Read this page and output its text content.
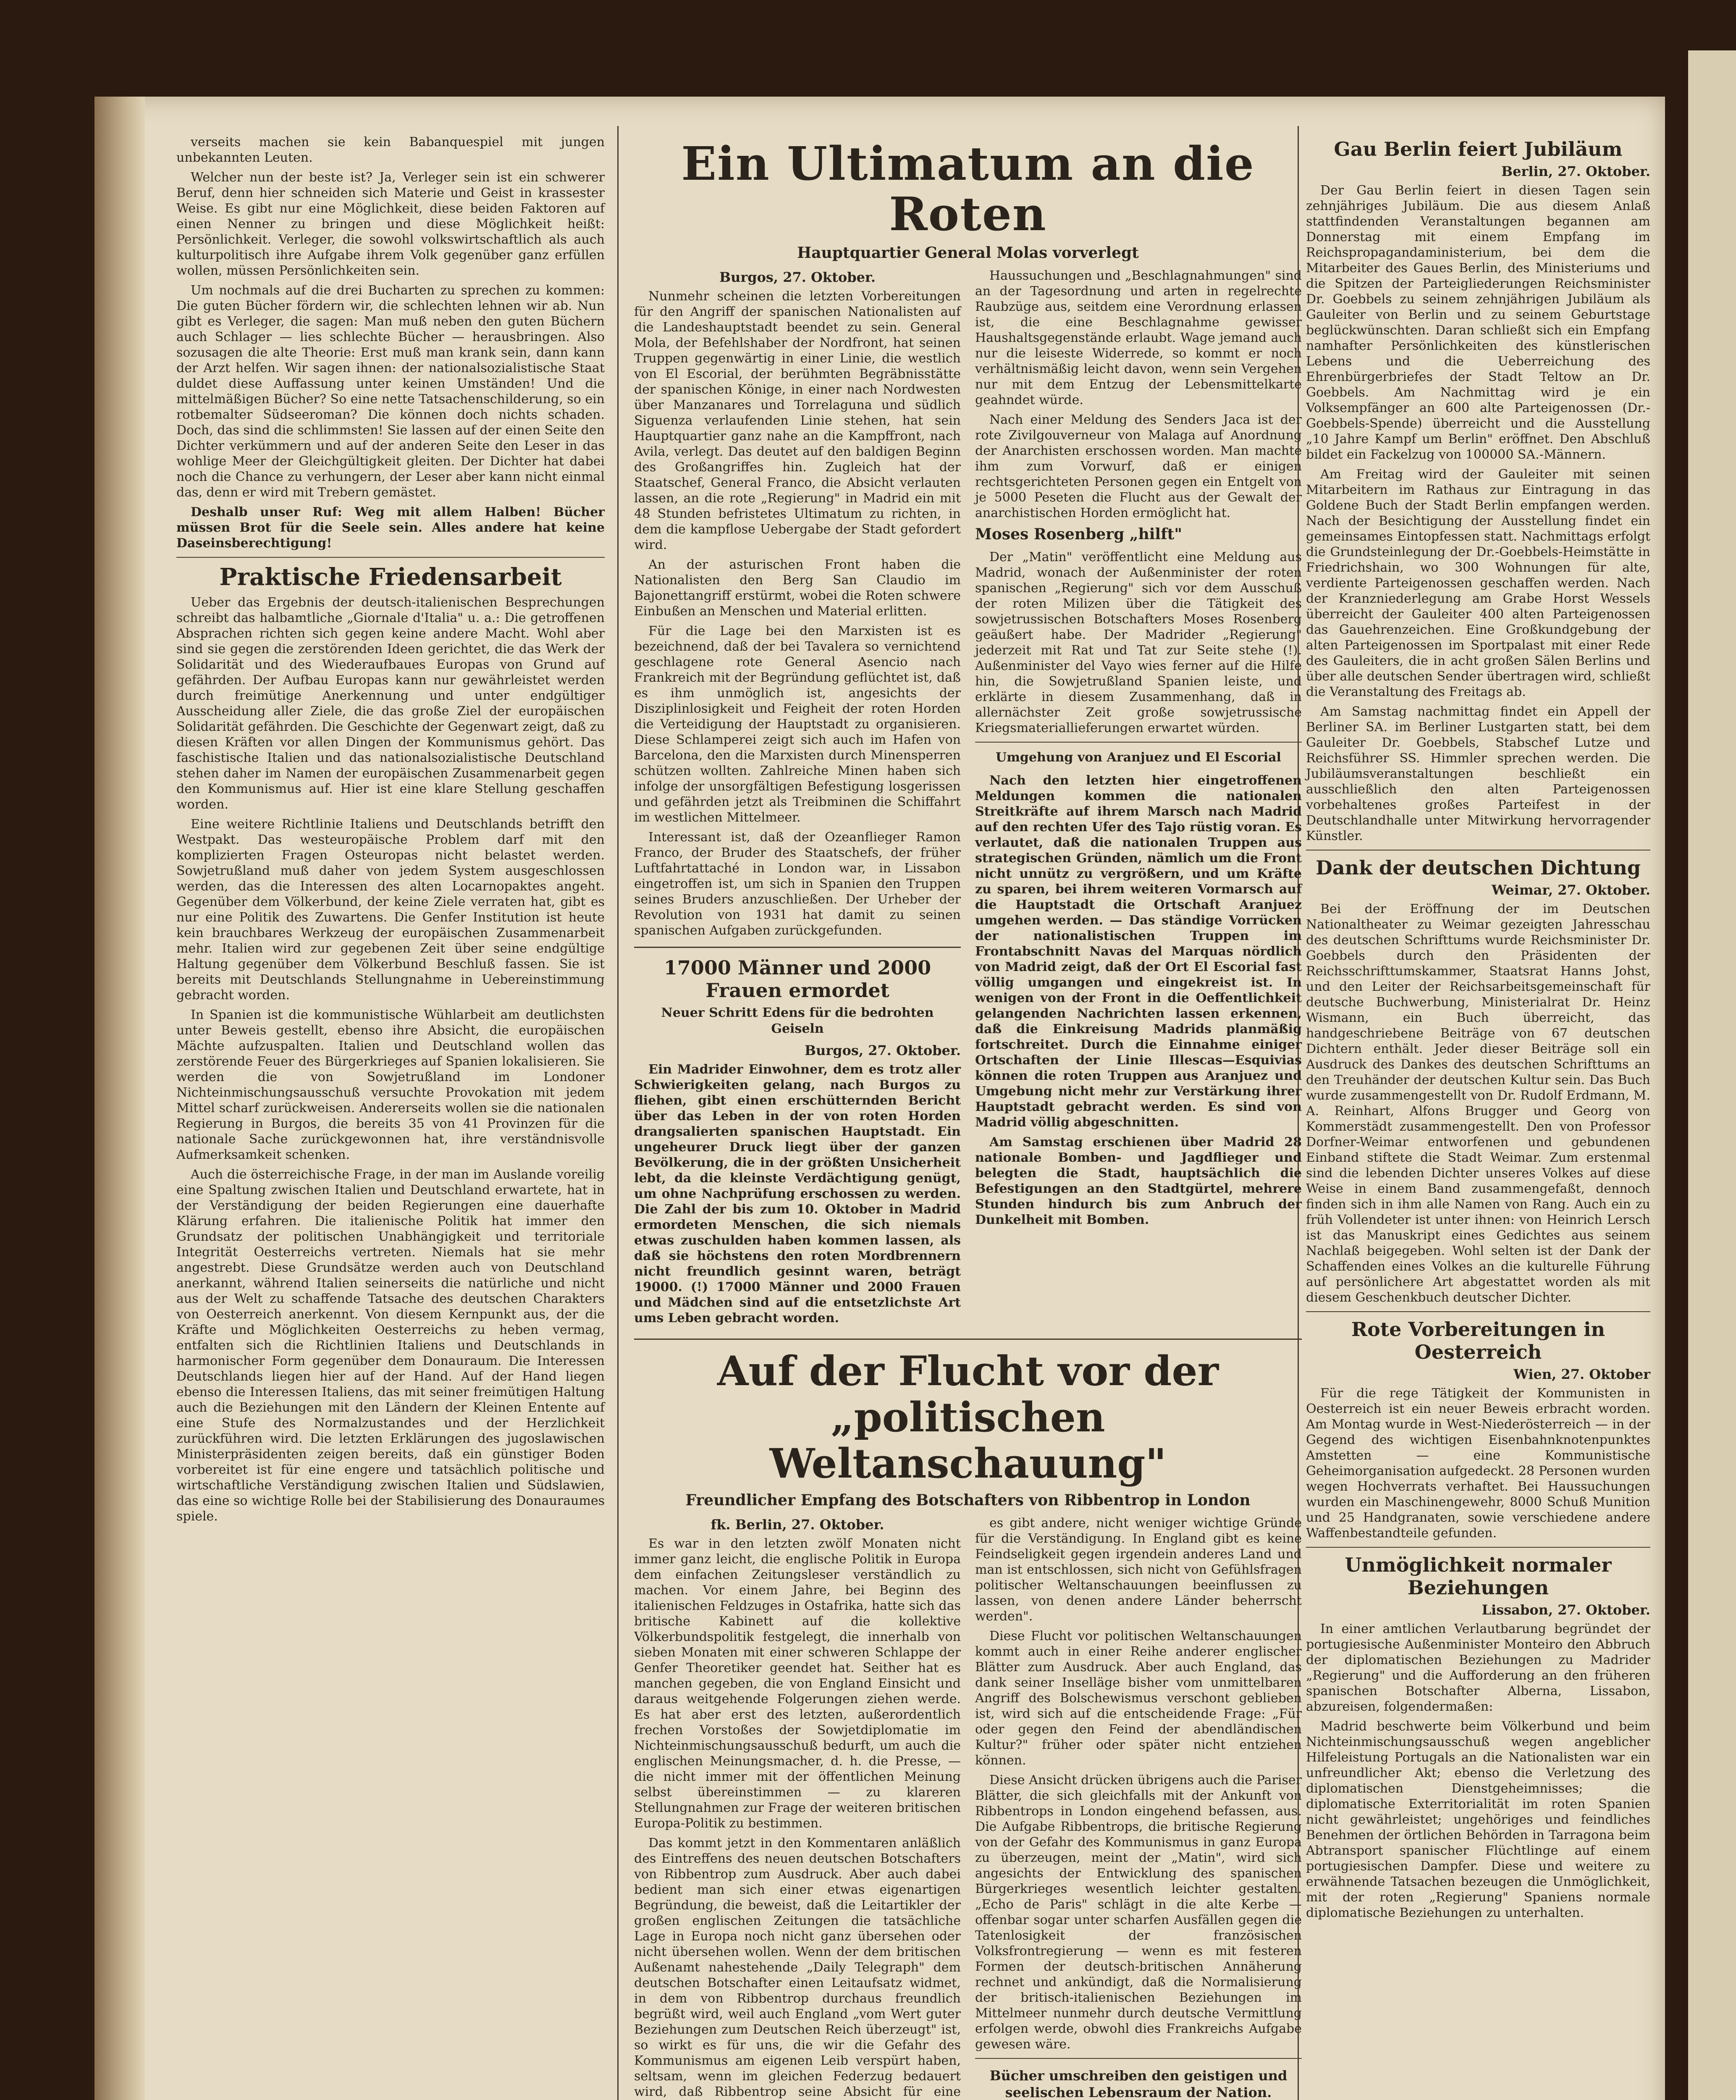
verseits machen sie kein Babanquespiel mit jungen unbekannten Leuten.

Welcher nun der beste ist? Ja, Verleger sein ist ein schwerer Beruf, denn hier schneiden sich Materie und Geist in krassester Weise. Es gibt nur eine Möglichkeit, diese beiden Faktoren auf einen Nenner zu bringen und diese Möglichkeit heißt: Persönlichkeit. Verleger, die sowohl volkswirtschaftlich als auch kulturpolitisch ihre Aufgabe ihrem Volk gegenüber ganz erfüllen wollen, müssen Persönlichkeiten sein.

Um nochmals auf die drei Bucharten zu sprechen zu kommen: Die guten Bücher fördern wir, die schlechten lehnen wir ab. Nun gibt es Verleger, die sagen: Man muß neben den guten Büchern auch Schlager — lies schlechte Bücher — herausbringen. Also sozusagen die alte Theorie: Erst muß man krank sein, dann kann der Arzt helfen. Wir sagen ihnen: der nationalsozialistische Staat duldet diese Auffassung unter keinen Umständen! Und die mittelmäßigen Bücher? So eine nette Tatsachenschilderung, so ein rotbemalter Südseeroman? Die können doch nichts schaden. Doch, das sind die schlimmsten! Sie lassen auf der einen Seite den Dichter verkümmern und auf der anderen Seite den Leser in das wohlige Meer der Gleichgültigkeit gleiten. Der Dichter hat dabei noch die Chance zu verhungern, der Leser aber kann nicht einmal das, denn er wird mit Trebern gemästet.

Deshalb unser Ruf: Weg mit allem Halben! Bücher müssen Brot für die Seele sein. Alles andere hat keine Daseinsberechtigung!

Praktische Friedensarbeit

Ueber das Ergebnis der deutsch-italienischen Besprechungen schreibt das halbamtliche „Giornale d'Italia" u. a.: Die getroffenen Absprachen richten sich gegen keine andere Macht. Wohl aber sind sie gegen die zerstörenden Ideen gerichtet, die das Werk der Solidarität und des Wiederaufbaues Europas von Grund auf gefährden. Der Aufbau Europas kann nur gewährleistet werden durch freimütige Anerkennung und unter endgültiger Ausscheidung aller Ziele, die das große Ziel der europäischen Solidarität gefährden. Die Geschichte der Gegenwart zeigt, daß zu diesen Kräften vor allen Dingen der Kommunismus gehört. Das faschistische Italien und das nationalsozialistische Deutschland stehen daher im Namen der europäischen Zusammenarbeit gegen den Kommunismus auf. Hier ist eine klare Stellung geschaffen worden.

Eine weitere Richtlinie Italiens und Deutschlands betrifft den Westpakt. Das westeuropäische Problem darf mit den komplizierten Fragen Osteuropas nicht belastet werden. Sowjetrußland muß daher von jedem System ausgeschlossen werden, das die Interessen des alten Locarnopaktes angeht. Gegenüber dem Völkerbund, der keine Ziele verraten hat, gibt es nur eine Politik des Zuwartens. Die Genfer Institution ist heute kein brauchbares Werkzeug der europäischen Zusammenarbeit mehr. Italien wird zur gegebenen Zeit über seine endgültige Haltung gegenüber dem Völkerbund Beschluß fassen. Sie ist bereits mit Deutschlands Stellungnahme in Uebereinstimmung gebracht worden.

In Spanien ist die kommunistische Wühlarbeit am deutlichsten unter Beweis gestellt, ebenso ihre Absicht, die europäischen Mächte aufzuspalten. Italien und Deutschland wollen das zerstörende Feuer des Bürgerkrieges auf Spanien lokalisieren. Sie werden die von Sowjetrußland im Londoner Nichteinmischungsausschuß versuchte Provokation mit jedem Mittel scharf zurückweisen. Andererseits wollen sie die nationalen Regierung in Burgos, die bereits 35 von 41 Provinzen für die nationale Sache zurückgewonnen hat, ihre verständnisvolle Aufmerksamkeit schenken.

Auch die österreichische Frage, in der man im Auslande voreilig eine Spaltung zwischen Italien und Deutschland erwartete, hat in der Verständigung der beiden Regierungen eine dauerhafte Klärung erfahren. Die italienische Politik hat immer den Grundsatz der politischen Unabhängigkeit und territoriale Integrität Oesterreichs vertreten. Niemals hat sie mehr angestrebt. Diese Grundsätze werden auch von Deutschland anerkannt, während Italien seinerseits die natürliche und nicht aus der Welt zu schaffende Tatsache des deutschen Charakters von Oesterreich anerkennt. Von diesem Kernpunkt aus, der die Kräfte und Möglichkeiten Oesterreichs zu heben vermag, entfalten sich die Richtlinien Italiens und Deutschlands in harmonischer Form gegenüber dem Donauraum. Die Interessen Deutschlands liegen hier auf der Hand. Auf der Hand liegen ebenso die Interessen Italiens, das mit seiner freimütigen Haltung auch die Beziehungen mit den Ländern der Kleinen Entente auf eine Stufe des Normalzustandes und der Herzlichkeit zurückführen wird. Die letzten Erklärungen des jugoslawischen Ministerpräsidenten zeigen bereits, daß ein günstiger Boden vorbereitet ist für eine engere und tatsächlich politische und wirtschaftliche Verständigung zwischen Italien und Südslawien, das eine so wichtige Rolle bei der Stabilisierung des Donauraumes spiele.

Ein Ultimatum an die Roten
Hauptquartier General Molas vorverlegt
Burgos, 27. Oktober.

Nunmehr scheinen die letzten Vorbereitungen für den Angriff der spanischen Nationalisten auf die Landeshauptstadt beendet zu sein. General Mola, der Befehlshaber der Nordfront, hat seinen Truppen gegenwärtig in einer Linie, die westlich von El Escorial, der berühmten Begräbnisstätte der spanischen Könige, in einer nach Nordwesten über Manzanares und Torrelaguna und südlich Siguenza verlaufenden Linie stehen, hat sein Hauptquartier ganz nahe an die Kampffront, nach Avila, verlegt. Das deutet auf den baldigen Beginn des Großangriffes hin. Zugleich hat der Staatschef, General Franco, die Absicht verlauten lassen, an die rote „Regierung" in Madrid ein mit 48 Stunden befristetes Ultimatum zu richten, in dem die kampflose Uebergabe der Stadt gefordert wird.

An der asturischen Front haben die Nationalisten den Berg San Claudio im Bajonettangriff erstürmt, wobei die Roten schwere Einbußen an Menschen und Material erlitten.

Für die Lage bei den Marxisten ist es bezeichnend, daß der bei Tavalera so vernichtend geschlagene rote General Asencio nach Frankreich mit der Begründung geflüchtet ist, daß es ihm unmöglich ist, angesichts der Disziplinlosigkeit und Feigheit der roten Horden die Verteidigung der Hauptstadt zu organisieren. Diese Schlamperei zeigt sich auch im Hafen von Barcelona, den die Marxisten durch Minensperren schützen wollten. Zahlreiche Minen haben sich infolge der unsorgfältigen Befestigung losgerissen und gefährden jetzt als Treibminen die Schiffahrt im westlichen Mittelmeer.

Interessant ist, daß der Ozeanflieger Ramon Franco, der Bruder des Staatschefs, der früher Luftfahrtattaché in London war, in Lissabon eingetroffen ist, um sich in Spanien den Truppen seines Bruders anzuschließen. Der Urheber der Revolution von 1931 hat damit zu seinen spanischen Aufgaben zurückgefunden.

17000 Männer und 2000 Frauen ermordet
Neuer Schritt Edens für die bedrohten Geiseln
Burgos, 27. Oktober.

Ein Madrider Einwohner, dem es trotz aller Schwierigkeiten gelang, nach Burgos zu fliehen, gibt einen erschütternden Bericht über das Leben in der von roten Horden drangsalierten spanischen Hauptstadt. Ein ungeheurer Druck liegt über der ganzen Bevölkerung, die in der größten Unsicherheit lebt, da die kleinste Verdächtigung genügt, um ohne Nachprüfung erschossen zu werden. Die Zahl der bis zum 10. Oktober in Madrid ermordeten Menschen, die sich niemals etwas zuschulden haben kommen lassen, als daß sie höchstens den roten Mordbrennern nicht freundlich gesinnt waren, beträgt 19000. (!) 17000 Männer und 2000 Frauen und Mädchen sind auf die entsetzlichste Art ums Leben gebracht worden.

Haussuchungen und „Beschlagnahmungen" sind an der Tagesordnung und arten in regelrechte Raubzüge aus, seitdem eine Verordnung erlassen ist, die eine Beschlagnahme gewisser Haushaltsgegenstände erlaubt. Wage jemand auch nur die leiseste Widerrede, so kommt er noch verhältnismäßig leicht davon, wenn sein Vergehen nur mit dem Entzug der Lebensmittelkarte geahndet würde.

Nach einer Meldung des Senders Jaca ist der rote Zivilgouverneur von Malaga auf Anordnung der Anarchisten erschossen worden. Man machte ihm zum Vorwurf, daß er einigen rechtsgerichteten Personen gegen ein Entgelt von je 5000 Peseten die Flucht aus der Gewalt der anarchistischen Horden ermöglicht hat.

Moses Rosenberg „hilft"

Der „Matin" veröffentlicht eine Meldung aus Madrid, wonach der Außenminister der roten spanischen „Regierung" sich vor dem Ausschuß der roten Milizen über die Tätigkeit des sowjetrussischen Botschafters Moses Rosenberg geäußert habe. Der Madrider „Regierung" jederzeit mit Rat und Tat zur Seite stehe (!). Außenminister del Vayo wies ferner auf die Hilfe hin, die Sowjetrußland Spanien leiste, und erklärte in diesem Zusammenhang, daß in allernächster Zeit große sowjetrussische Kriegsmateriallieferungen erwartet würden.

Umgehung von Aranjuez und El Escorial

Nach den letzten hier eingetroffenen Meldungen kommen die nationalen Streitkräfte auf ihrem Marsch nach Madrid auf den rechten Ufer des Tajo rüstig voran. Es verlautet, daß die nationalen Truppen aus strategischen Gründen, nämlich um die Front nicht unnütz zu vergrößern, und um Kräfte zu sparen, bei ihrem weiteren Vormarsch auf die Hauptstadt die Ortschaft Aranjuez umgehen werden. — Das ständige Vorrücken der nationalistischen Truppen im Frontabschnitt Navas del Marquas nördlich von Madrid zeigt, daß der Ort El Escorial fast völlig umgangen und eingekreist ist. In wenigen von der Front in die Oeffentlichkeit gelangenden Nachrichten lassen erkennen, daß die Einkreisung Madrids planmäßig fortschreitet. Durch die Einnahme einiger Ortschaften der Linie Illescas—Esquivias können die roten Truppen aus Aranjuez und Umgebung nicht mehr zur Verstärkung ihrer Hauptstadt gebracht werden. Es sind von Madrid völlig abgeschnitten.

Am Samstag erschienen über Madrid 28 nationale Bomben- und Jagdflieger und belegten die Stadt, hauptsächlich die Befestigungen an den Stadtgürtel, mehrere Stunden hindurch bis zum Anbruch der Dunkelheit mit Bomben.

Auf der Flucht vor der „politischen Weltanschauung"
Freundlicher Empfang des Botschafters von Ribbentrop in London
fk. Berlin, 27. Oktober.

Es war in den letzten zwölf Monaten nicht immer ganz leicht, die englische Politik in Europa dem einfachen Zeitungsleser verständlich zu machen. Vor einem Jahre, bei Beginn des italienischen Feldzuges in Ostafrika, hatte sich das britische Kabinett auf die kollektive Völkerbundspolitik festgelegt, die innerhalb von sieben Monaten mit einer schweren Schlappe der Genfer Theoretiker geendet hat. Seither hat es manchen gegeben, die von England Einsicht und daraus weitgehende Folgerungen ziehen werde. Es hat aber erst des letzten, außerordentlich frechen Vorstoßes der Sowjetdiplomatie im Nichteinmischungsausschuß bedurft, um auch die englischen Meinungsmacher, d. h. die Presse, — die nicht immer mit der öffentlichen Meinung selbst übereinstimmen — zu klareren Stellungnahmen zur Frage der weiteren britischen Europa-Politik zu bestimmen.

Das kommt jetzt in den Kommentaren anläßlich des Eintreffens des neuen deutschen Botschafters von Ribbentrop zum Ausdruck. Aber auch dabei bedient man sich einer etwas eigenartigen Begründung, die beweist, daß die Leitartikler der großen englischen Zeitungen die tatsächliche Lage in Europa noch nicht ganz übersehen oder nicht übersehen wollen. Wenn der dem britischen Außenamt nahestehende „Daily Telegraph" dem deutschen Botschafter einen Leitaufsatz widmet, in dem von Ribbentrop durchaus freundlich begrüßt wird, weil auch England „vom Wert guter Beziehungen zum Deutschen Reich überzeugt" ist, so wirkt es für uns, die wir die Gefahr des Kommunismus am eigenen Leib verspürt haben, seltsam, wenn im gleichen Federzug bedauert wird, daß Ribbentrop seine Absicht für eine

es gibt andere, nicht weniger wichtige Gründe für die Verständigung. In England gibt es keine Feindseligkeit gegen irgendein anderes Land und man ist entschlossen, sich nicht von Gefühlsfragen politischer Weltanschauungen beeinflussen zu lassen, von denen andere Länder beherrscht werden".

Diese Flucht vor politischen Weltanschauungen kommt auch in einer Reihe anderer englischer Blätter zum Ausdruck. Aber auch England, das dank seiner Inselläge bisher vom unmittelbaren Angriff des Bolschewismus verschont geblieben ist, wird sich auf die entscheidende Frage: „Für oder gegen den Feind der abendländischen Kultur?" früher oder später nicht entziehen können.

Diese Ansicht drücken übrigens auch die Pariser Blätter, die sich gleichfalls mit der Ankunft von Ribbentrops in London eingehend befassen, aus. Die Aufgabe Ribbentrops, die britische Regierung von der Gefahr des Kommunismus in ganz Europa zu überzeugen, meint der „Matin", wird sich angesichts der Entwicklung des spanischen Bürgerkrieges wesentlich leichter gestalten. „Echo de Paris" schlägt in die alte Kerbe — offenbar sogar unter scharfen Ausfällen gegen die Tatenlosigkeit der französischen Volksfrontregierung — wenn es mit festeren Formen der deutsch-britischen Annäherung rechnet und ankündigt, daß die Normalisierung der britisch-italienischen Beziehungen im Mittelmeer nunmehr durch deutsche Vermittlung erfolgen werde, obwohl dies Frankreichs Aufgabe gewesen wäre.

Bücher umschreiben den geistigen und seelischen Lebensraum der Nation.
Gau Berlin feiert Jubiläum
Berlin, 27. Oktober.

Der Gau Berlin feiert in diesen Tagen sein zehnjähriges Jubiläum. Die aus diesem Anlaß stattfindenden Veranstaltungen begannen am Donnerstag mit einem Empfang im Reichspropagandaministerium, bei dem die Mitarbeiter des Gaues Berlin, des Ministeriums und die Spitzen der Parteigliederungen Reichsminister Dr. Goebbels zu seinem zehnjährigen Jubiläum als Gauleiter von Berlin und zu seinem Geburtstage beglückwünschten. Daran schließt sich ein Empfang namhafter Persönlichkeiten des künstlerischen Lebens und die Ueberreichung des Ehrenbürgerbriefes der Stadt Teltow an Dr. Goebbels. Am Nachmittag wird je ein Volksempfänger an 600 alte Parteigenossen (Dr.-Goebbels-Spende) überreicht und die Ausstellung „10 Jahre Kampf um Berlin" eröffnet. Den Abschluß bildet ein Fackelzug von 100000 SA.-Männern.

Am Freitag wird der Gauleiter mit seinen Mitarbeitern im Rathaus zur Eintragung in das Goldene Buch der Stadt Berlin empfangen werden. Nach der Besichtigung der Ausstellung findet ein gemeinsames Eintopfessen statt. Nachmittags erfolgt die Grundsteinlegung der Dr.-Goebbels-Heimstätte in Friedrichshain, wo 300 Wohnungen für alte, verdiente Parteigenossen geschaffen werden. Nach der Kranzniederlegung am Grabe Horst Wessels überreicht der Gauleiter 400 alten Parteigenossen das Gauehrenzeichen. Eine Großkundgebung der alten Parteigenossen im Sportpalast mit einer Rede des Gauleiters, die in acht großen Sälen Berlins und über alle deutschen Sender übertragen wird, schließt die Veranstaltung des Freitags ab.

Am Samstag nachmittag findet ein Appell der Berliner SA. im Berliner Lustgarten statt, bei dem Gauleiter Dr. Goebbels, Stabschef Lutze und Reichsführer SS. Himmler sprechen werden. Die Jubiläumsveranstaltungen beschließt ein ausschließlich den alten Parteigenossen vorbehaltenes großes Parteifest in der Deutschlandhalle unter Mitwirkung hervorragender Künstler.

Dank der deutschen Dichtung
Weimar, 27. Oktober.

Bei der Eröffnung der im Deutschen Nationaltheater zu Weimar gezeigten Jahresschau des deutschen Schrifttums wurde Reichsminister Dr. Goebbels durch den Präsidenten der Reichsschrifttumskammer, Staatsrat Hanns Johst, und den Leiter der Reichsarbeitsgemeinschaft für deutsche Buchwerbung, Ministerialrat Dr. Heinz Wismann, ein Buch überreicht, das handgeschriebene Beiträge von 67 deutschen Dichtern enthält. Jeder dieser Beiträge soll ein Ausdruck des Dankes des deutschen Schrifttums an den Treuhänder der deutschen Kultur sein. Das Buch wurde zusammengestellt von Dr. Rudolf Erdmann, M. A. Reinhart, Alfons Brugger und Georg von Kommerstädt zusammengestellt. Den von Professor Dorfner-Weimar entworfenen und gebundenen Einband stiftete die Stadt Weimar. Zum erstenmal sind die lebenden Dichter unseres Volkes auf diese Weise in einem Band zusammengefaßt, dennoch finden sich in ihm alle Namen von Rang. Auch ein zu früh Vollendeter ist unter ihnen: von Heinrich Lersch ist das Manuskript eines Gedichtes aus seinem Nachlaß beigegeben. Wohl selten ist der Dank der Schaffenden eines Volkes an die kulturelle Führung auf persönlichere Art abgestattet worden als mit diesem Geschenkbuch deutscher Dichter.

Rote Vorbereitungen in Oesterreich
Wien, 27. Oktober

Für die rege Tätigkeit der Kommunisten in Oesterreich ist ein neuer Beweis erbracht worden. Am Montag wurde in West-Niederösterreich — in der Gegend des wichtigen Eisenbahnknotenpunktes Amstetten — eine Kommunistische Geheimorganisation aufgedeckt. 28 Personen wurden wegen Hochverrats verhaftet. Bei Haussuchungen wurden ein Maschinengewehr, 8000 Schuß Munition und 25 Handgranaten, sowie verschiedene andere Waffenbestandteile gefunden.

Unmöglichkeit normaler Beziehungen
Lissabon, 27. Oktober.

In einer amtlichen Verlautbarung begründet der portugiesische Außenminister Monteiro den Abbruch der diplomatischen Beziehungen zu Madrider „Regierung" und die Aufforderung an den früheren spanischen Botschafter Alberna, Lissabon, abzureisen, folgendermaßen:

Madrid beschwerte beim Völkerbund und beim Nichteinmischungsausschuß wegen angeblicher Hilfeleistung Portugals an die Nationalisten war ein unfreundlicher Akt; ebenso die Verletzung des diplomatischen Dienstgeheimnisses; die diplomatische Exterritorialität im roten Spanien nicht gewährleistet; ungehöriges und feindliches Benehmen der örtlichen Behörden in Tarragona beim Abtransport spanischer Flüchtlinge auf einem portugiesischen Dampfer. Diese und weitere zu erwähnende Tatsachen bezeugen die Unmöglichkeit, mit der roten „Regierung" Spaniens normale diplomatische Beziehungen zu unterhalten.
